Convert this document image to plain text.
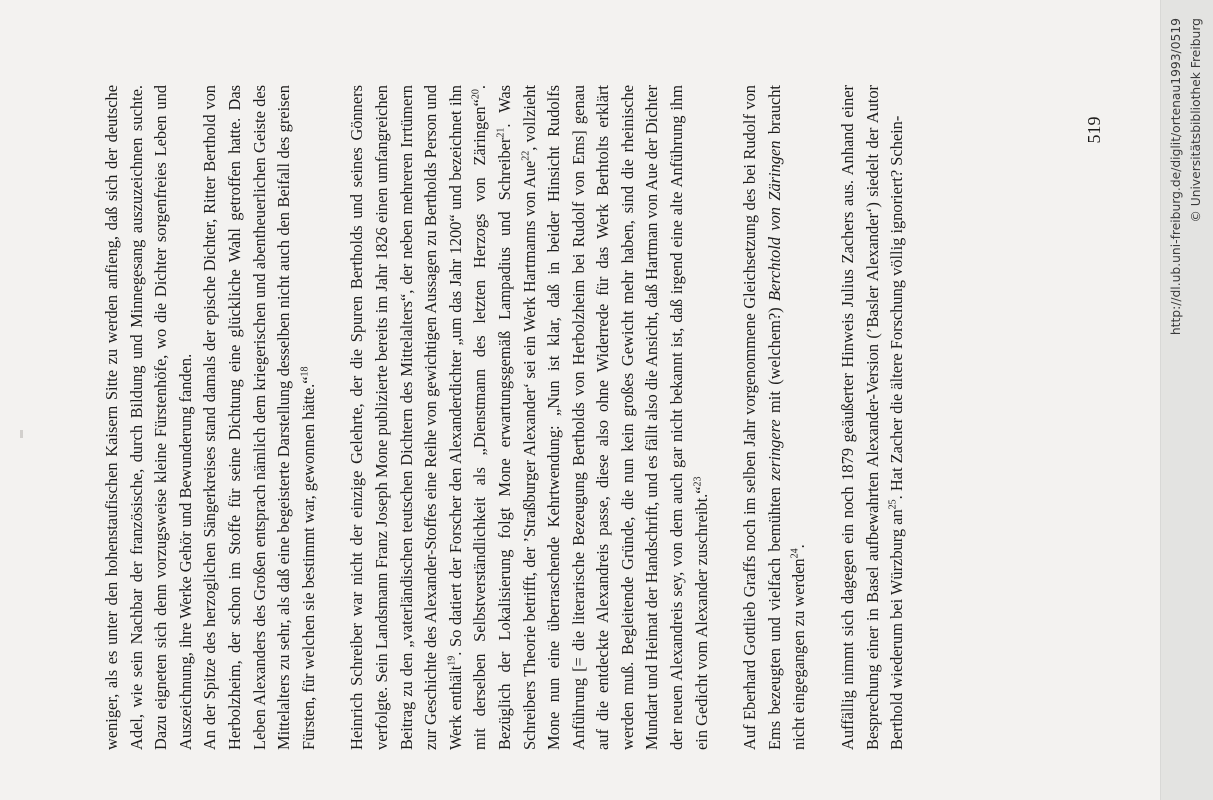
weniger, als es unter den hohenstaufischen Kaisern Sitte zu werden anfieng, daß sich der deutsche Adel, wie sein Nachbar der französische, durch Bildung und Minnegesang auszuzeichnen suchte. Dazu eigneten sich denn vorzugsweise kleine Fürstenhöfe, wo die Dichter sorgenfreies Leben und Auszeichnung, ihre Werke Gehör und Bewunderung fanden. An der Spitze des herzoglichen Sängerkreises stand damals der epische Dichter, Ritter Berthold von Herbolzheim, der schon im Stoffe für seine Dichtung eine glückliche Wahl getroffen hatte. Das Leben Alexanders des Großen entsprach nämlich dem kriegerischen und abentheuerlichen Geiste des Mittelalters zu sehr, als daß eine begeisterte Darstellung desselben nicht auch den Beifall des greisen Fürsten, für welchen sie bestimmt war, gewonnen hätte.“$^{18}$	Heinrich Schreiber war nicht der einzige Gelehrte, der die Spuren Bertholds und seines Gönners verfolgte. Sein Landsmann Franz Joseph Mone publizierte bereits im Jahr 1826 einen umfangreichen Beitrag zu den „vaterländischen teutschen Dichtern des Mittelalters“, der neben mehreren Irrtümern zur Geschichte des Alexander-Stoffes eine Reihe von gewichtigen Aussagen zu Bertholds Person und Werk enthält$^{19}$. So datiert der Forscher den Alexanderdichter „um das Jahr 1200“ und bezeichnet ihn mit derselben Selbstverständlichkeit als „Dienstmann des letzten Herzogs von Zäringen“$^{20}$. Bezüglich der Lokalisierung folgt Mone erwartungsgemäß Lampadius und Schreiber$^{21}$. Was Schreibers Theorie betrifft, der ’Straßburger Alexander‘ sei ein Werk Hartmanns von Aue$^{22}$, vollzieht Mone nun eine überraschende Kehrtwendung: „Nun ist klar, daß in beider Hinsicht Rudolfs Anführung [= die literarische Bezeugung Bertholds von Herbolzheim bei Rudolf von Ems] genau auf die entdeckte Alexandreis passe, diese also ohne Widerrede für das Werk Berhtolts erklärt werden muß. Begleitende Gründe, die nun kein großes Gewicht mehr haben, sind die rheinische Mundart und Heimat der Handschrift, und es fällt also die Ansicht, daß Hartman von Aue der Dichter der neuen Alexandreis sey, von dem auch gar nicht bekannt ist, daß irgend eine alte Anführung ihm ein Gedicht vom Alexander zuschreibt.“$^{23}$	Auf Eberhard Gottlieb Graffs noch im selben Jahr vorgenommene Gleichsetzung des bei Rudolf von Ems bezeugten und vielfach bemühten zeringere mit (welchem?) Berchtold von Zäringen braucht nicht eingegangen zu werden$^{24}$. Auffällig nimmt sich dagegen ein noch 1879 geäußerter Hinweis Julius Zachers aus. Anhand einer Besprechung einer in Basel aufbewahrten Alexander-Version (’Basler Alexander‘) siedelt der Autor Berthold wiederum bei Würzburg $an^{25}$. Hat Zacher die ältere Forschung völlig ignoriert? Schein-	519	http://dl.ub.uni-freiburg.de/diglit/ortenau1993/0519 © Universitätsbibliothek Freiburg
